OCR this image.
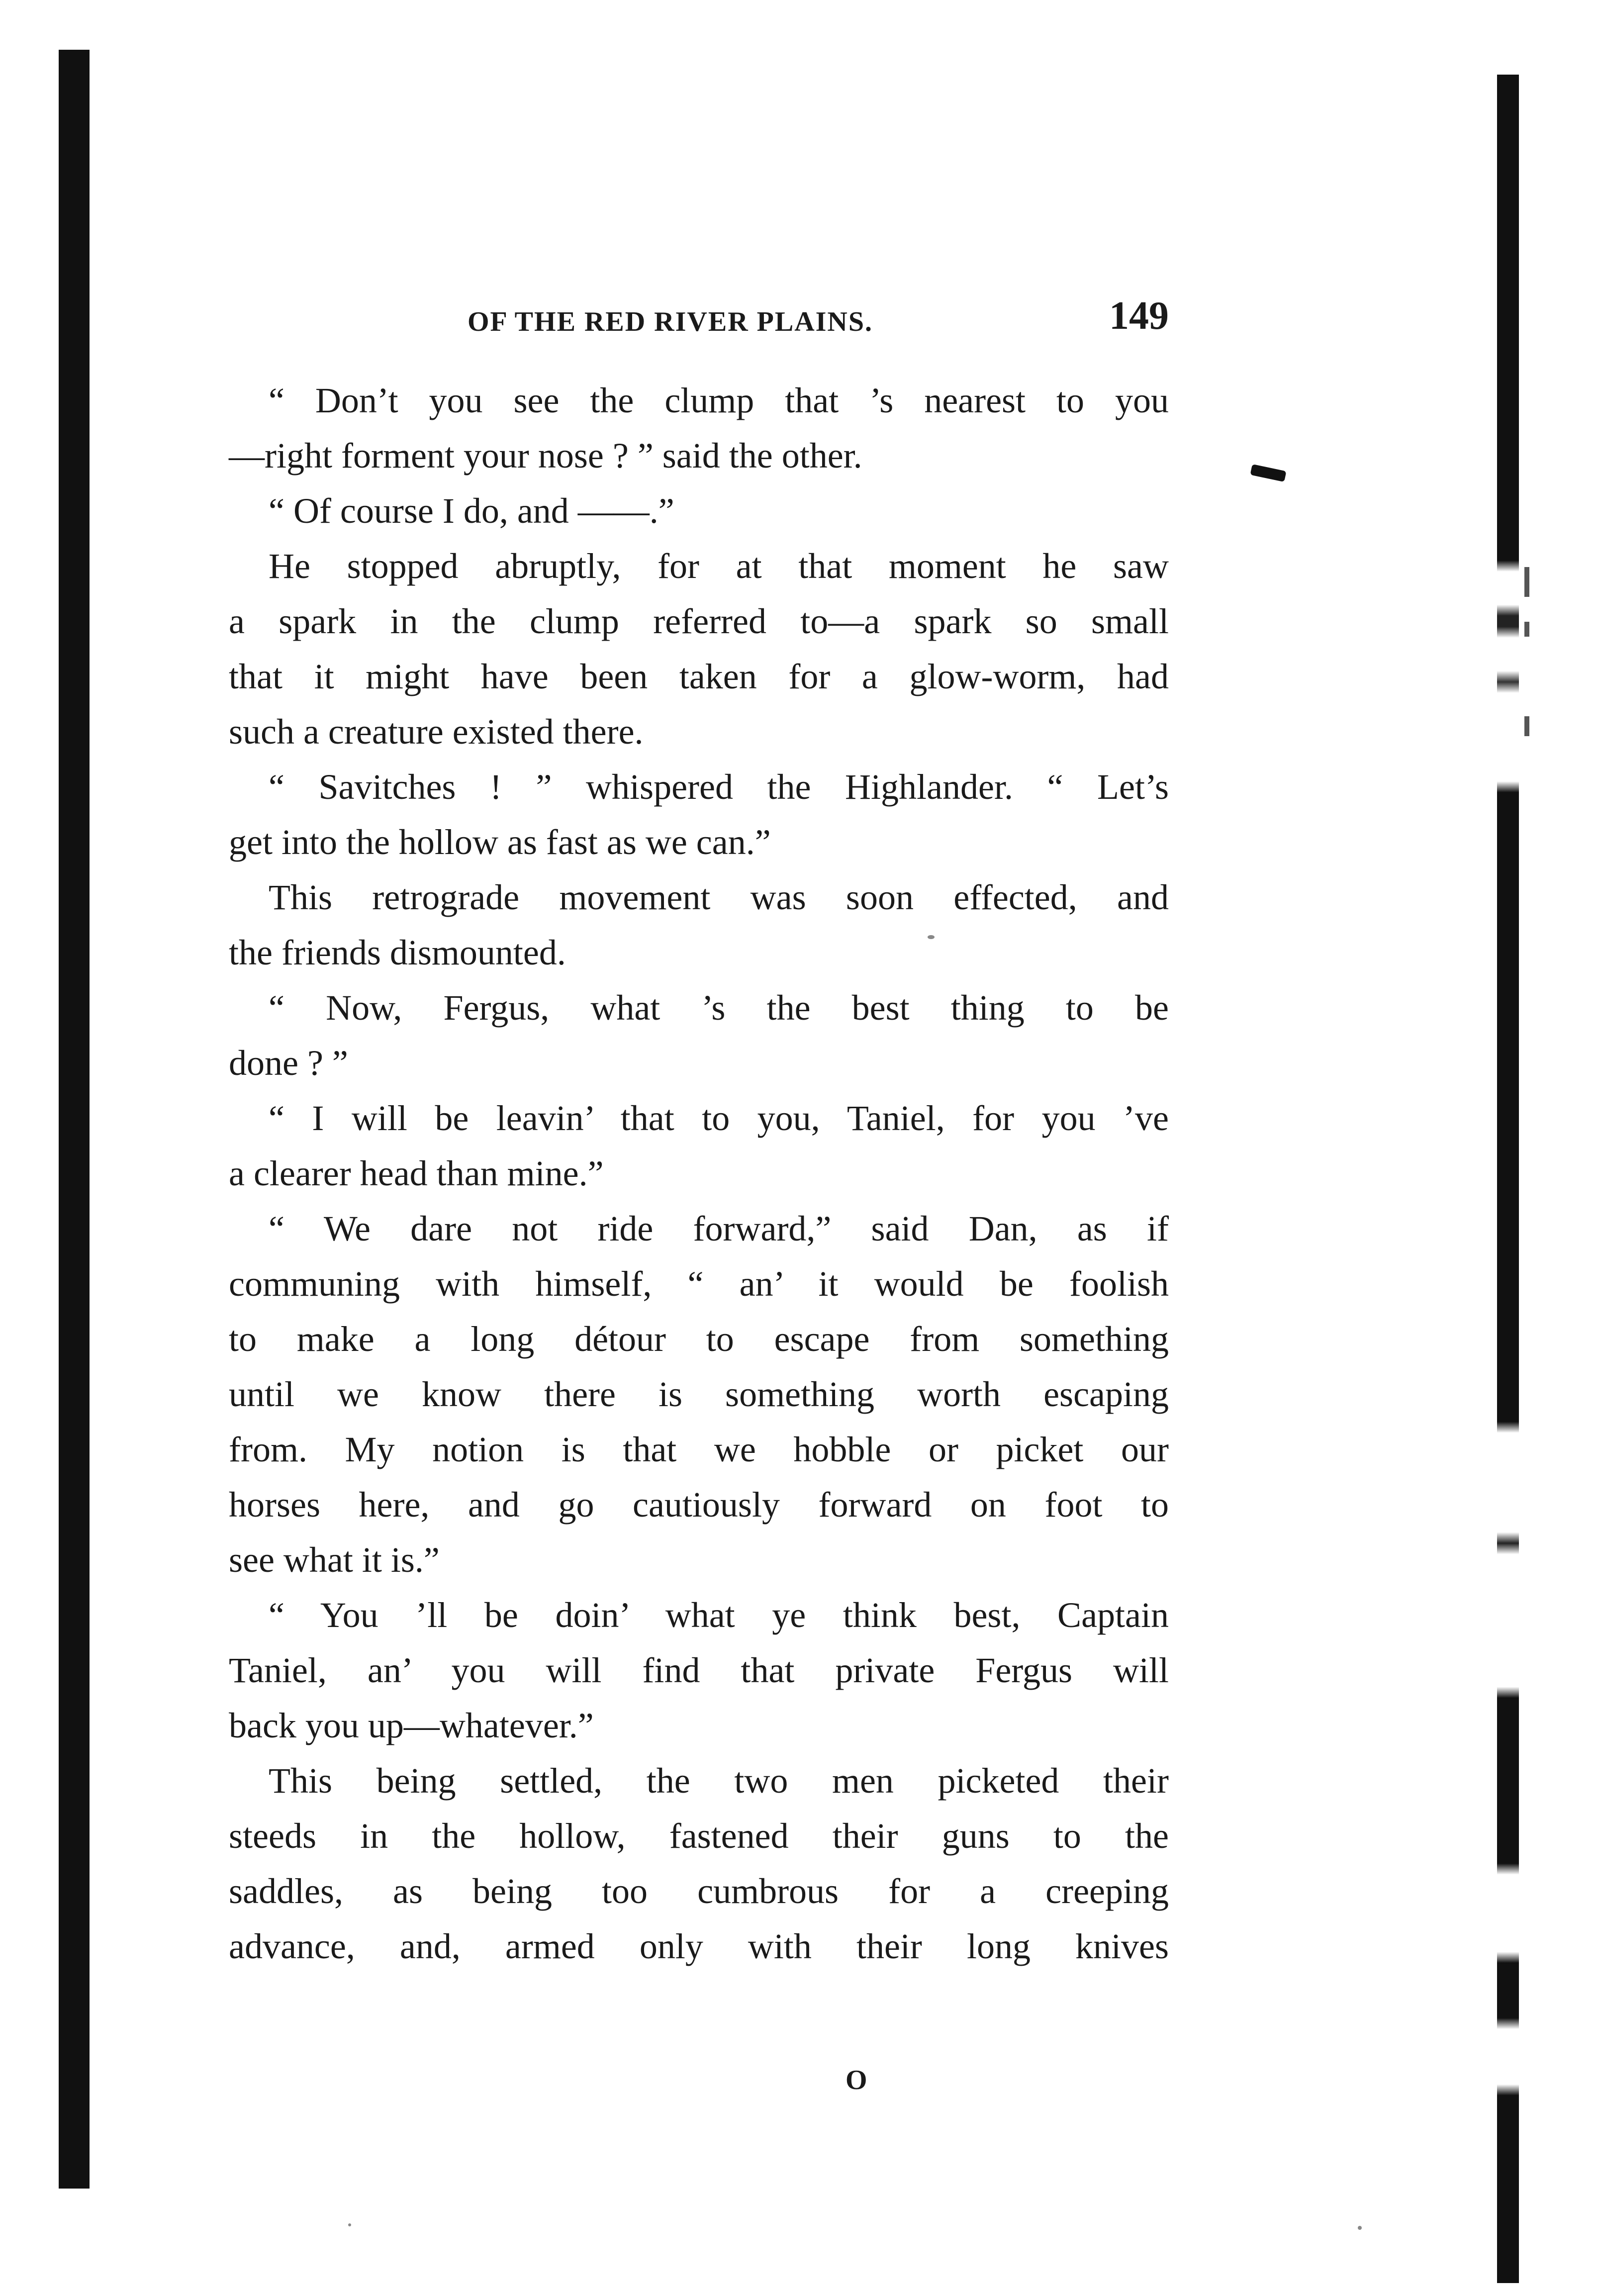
OF THE RED RIVER PLAINS.	149
“ Don’t you see the clump that ’s nearest to you
—right forment your nose ? ” said the other.
“ Of course I do, and ——.”
He stopped abruptly, for at that moment he saw
a spark in the clump referred to—a spark so small
that it might have been taken for a glow-worm, had
such a creature existed there.
“ Savitches ! ” whispered the Highlander. “ Let’s
get into the hollow as fast as we can.”
This retrograde movement was soon effected, and
the friends dismounted.
“ Now, Fergus, what ’s the best thing to be
done ? ”
“ I will be leavin’ that to you, Taniel, for you ’ve
a clearer head than mine.”
“ We dare not ride forward,” said Dan, as if
communing with himself, “ an’ it would be foolish
to make a long détour to escape from something
until we know there is something worth escaping
from. My notion is that we hobble or picket our
horses here, and go cautiously forward on foot to
see what it is.”
“ You ’ll be doin’ what ye think best, Captain
Taniel, an’ you will find that private Fergus will
back you up—whatever.”
This being settled, the two men picketed their
steeds in the hollow, fastened their guns to the
saddles, as being too cumbrous for a creeping
advance, and, armed only with their long knives
O
